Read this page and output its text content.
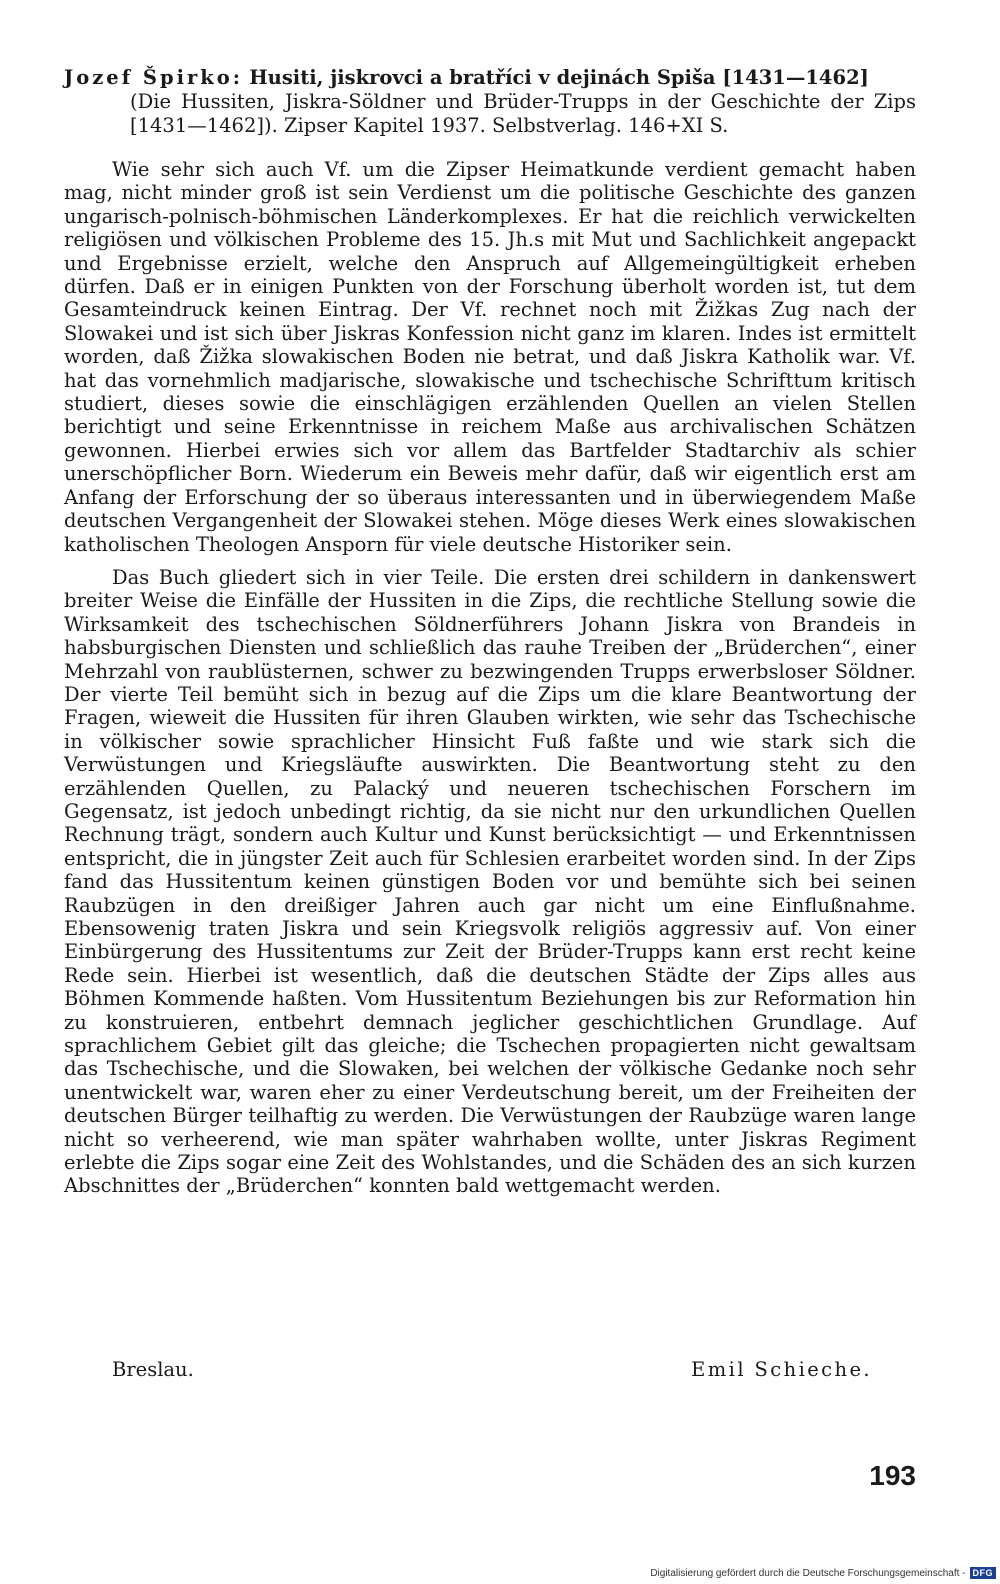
Jozef Špirko: Husiti, jiskrovci a bratříci v dejinách Spiša [1431—1462]
(Die Hussiten, Jiskra-Söldner und Brüder-Trupps in der Geschichte der Zips [1431—1462]). Zipser Kapitel 1937. Selbstverlag. 146+XI S.

Wie sehr sich auch Vf. um die Zipser Heimatkunde verdient gemacht haben mag, nicht minder groß ist sein Verdienst um die politische Geschichte des ganzen ungarisch-polnisch-böhmischen Länderkomplexes. Er hat die reichlich verwickelten religiösen und völkischen Probleme des 15. Jh.s mit Mut und Sachlichkeit angepackt und Ergebnisse erzielt, welche den Anspruch auf Allgemeingültigkeit erheben dürfen. Daß er in einigen Punkten von der Forschung überholt worden ist, tut dem Gesamteindruck keinen Eintrag. Der Vf. rechnet noch mit Žižkas Zug nach der Slowakei und ist sich über Jiskras Konfession nicht ganz im klaren. Indes ist ermittelt worden, daß Žižka slowakischen Boden nie betrat, und daß Jiskra Katholik war. Vf. hat das vornehmlich madjarische, slowakische und tschechische Schrifttum kritisch studiert, dieses sowie die einschlägigen erzählenden Quellen an vielen Stellen berichtigt und seine Erkenntnisse in reichem Maße aus archivalischen Schätzen gewonnen. Hierbei erwies sich vor allem das Bartfelder Stadtarchiv als schier unerschöpflicher Born. Wiederum ein Beweis mehr dafür, daß wir eigentlich erst am Anfang der Erforschung der so überaus interessanten und in überwiegendem Maße deutschen Vergangenheit der Slowakei stehen. Möge dieses Werk eines slowakischen katholischen Theologen Ansporn für viele deutsche Historiker sein.

Das Buch gliedert sich in vier Teile. Die ersten drei schildern in dankenswert breiter Weise die Einfälle der Hussiten in die Zips, die rechtliche Stellung sowie die Wirksamkeit des tschechischen Söldnerführers Johann Jiskra von Brandeis in habsburgischen Diensten und schließlich das rauhe Treiben der „Brüderchen“, einer Mehrzahl von raublüsternen, schwer zu bezwingenden Trupps erwerbsloser Söldner. Der vierte Teil bemüht sich in bezug auf die Zips um die klare Beantwortung der Fragen, wieweit die Hussiten für ihren Glauben wirkten, wie sehr das Tschechische in völkischer sowie sprachlicher Hinsicht Fuß faßte und wie stark sich die Verwüstungen und Kriegsläufte auswirkten. Die Beantwortung steht zu den erzählenden Quellen, zu Palacký und neueren tschechischen Forschern im Gegensatz, ist jedoch unbedingt richtig, da sie nicht nur den urkundlichen Quellen Rechnung trägt, sondern auch Kultur und Kunst berücksichtigt — und Erkenntnissen entspricht, die in jüngster Zeit auch für Schlesien erarbeitet worden sind. In der Zips fand das Hussitentum keinen günstigen Boden vor und bemühte sich bei seinen Raubzügen in den dreißiger Jahren auch gar nicht um eine Einflußnahme. Ebensowenig traten Jiskra und sein Kriegsvolk religiös aggressiv auf. Von einer Einbürgerung des Hussitentums zur Zeit der Brüder-Trupps kann erst recht keine Rede sein. Hierbei ist wesentlich, daß die deutschen Städte der Zips alles aus Böhmen Kommende haßten. Vom Hussitentum Beziehungen bis zur Reformation hin zu konstruieren, entbehrt demnach jeglicher geschichtlichen Grundlage. Auf sprachlichem Gebiet gilt das gleiche; die Tschechen propagierten nicht gewaltsam das Tschechische, und die Slowaken, bei welchen der völkische Gedanke noch sehr unentwickelt war, waren eher zu einer Verdeutschung bereit, um der Freiheiten der deutschen Bürger teilhaftig zu werden. Die Verwüstungen der Raubzüge waren lange nicht so verheerend, wie man später wahrhaben wollte, unter Jiskras Regiment erlebte die Zips sogar eine Zeit des Wohlstandes, und die Schäden des an sich kurzen Abschnittes der „Brüderchen“ konnten bald wettgemacht werden.

Breslau.	Emil Schieche.
193
Digitalisierung gefördert durch die Deutsche Forschungsgemeinschaft - DFG
